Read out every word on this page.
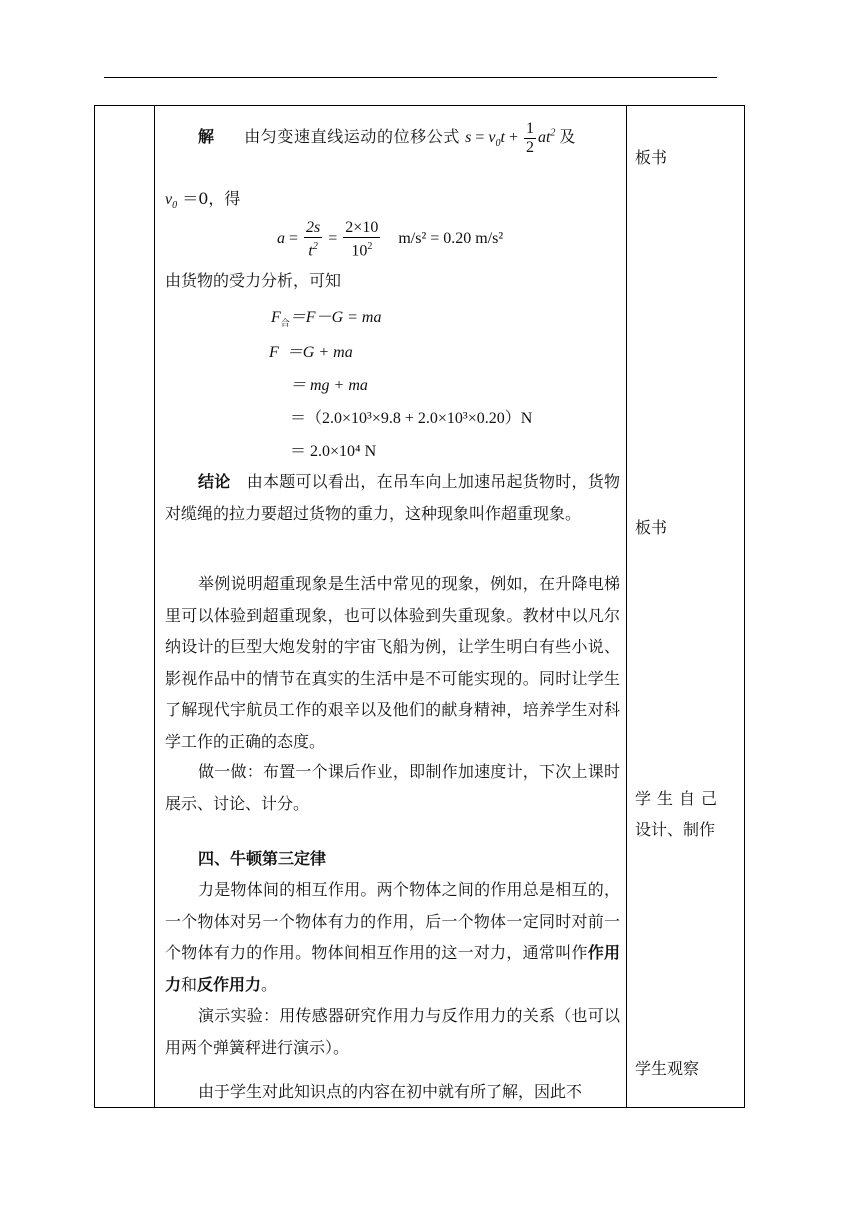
解 由匀变速直线运动的位移公式 $s = v_0t + \frac{1}{2} at^2$ 及
$v_0 =0$，得
$a = \frac{2s}{t^2} = \frac{2\times 10}{10^2} m/s^2 = 0.20$ m/s²
由货物的受力分析，可知
$F_合=F-G$ = ma
F ＝G + ma
＝ mg + ma
＝（2.0×10³×9.8 + 2.0×10³×0.20）N
＝ 2.0×10⁴ N
结论 由本题可以看出，在吊车向上加速吊起货物时，货物对缆绳的拉力要超过货物的重力，这种现象叫作超重现象。
举例说明超重现象是生活中常见的现象，例如，在升降电梯里可以体验到超重现象，也可以体验到失重现象。教材中以凡尔纳设计的巨型大炮发射的宇宙飞船为例，让学生明白有些小说、影视作品中的情节在真实的生活中是不可能实现的。同时让学生了解现代宇航员工作的艰辛以及他们的献身精神，培养学生对科学工作的正确的态度。
做一做：布置一个课后作业，即制作加速度计，下次上课时展示、讨论、计分。
四、牛顿第三定律
力是物体间的相互作用。两个物体之间的作用总是相互的，一个物体对另一个物体有力的作用，后一个物体一定同时对前一个物体有力的作用。物体间相互作用的这一对力，通常叫作作用力和反作用力。
演示实验：用传感器研究作用力与反作用力的关系（也可以用两个弹簧秤进行演示）。
由于学生对此知识点的内容在初中就有所了解，因此不
板书
板书
学生自己
设计、制作
学生观察
